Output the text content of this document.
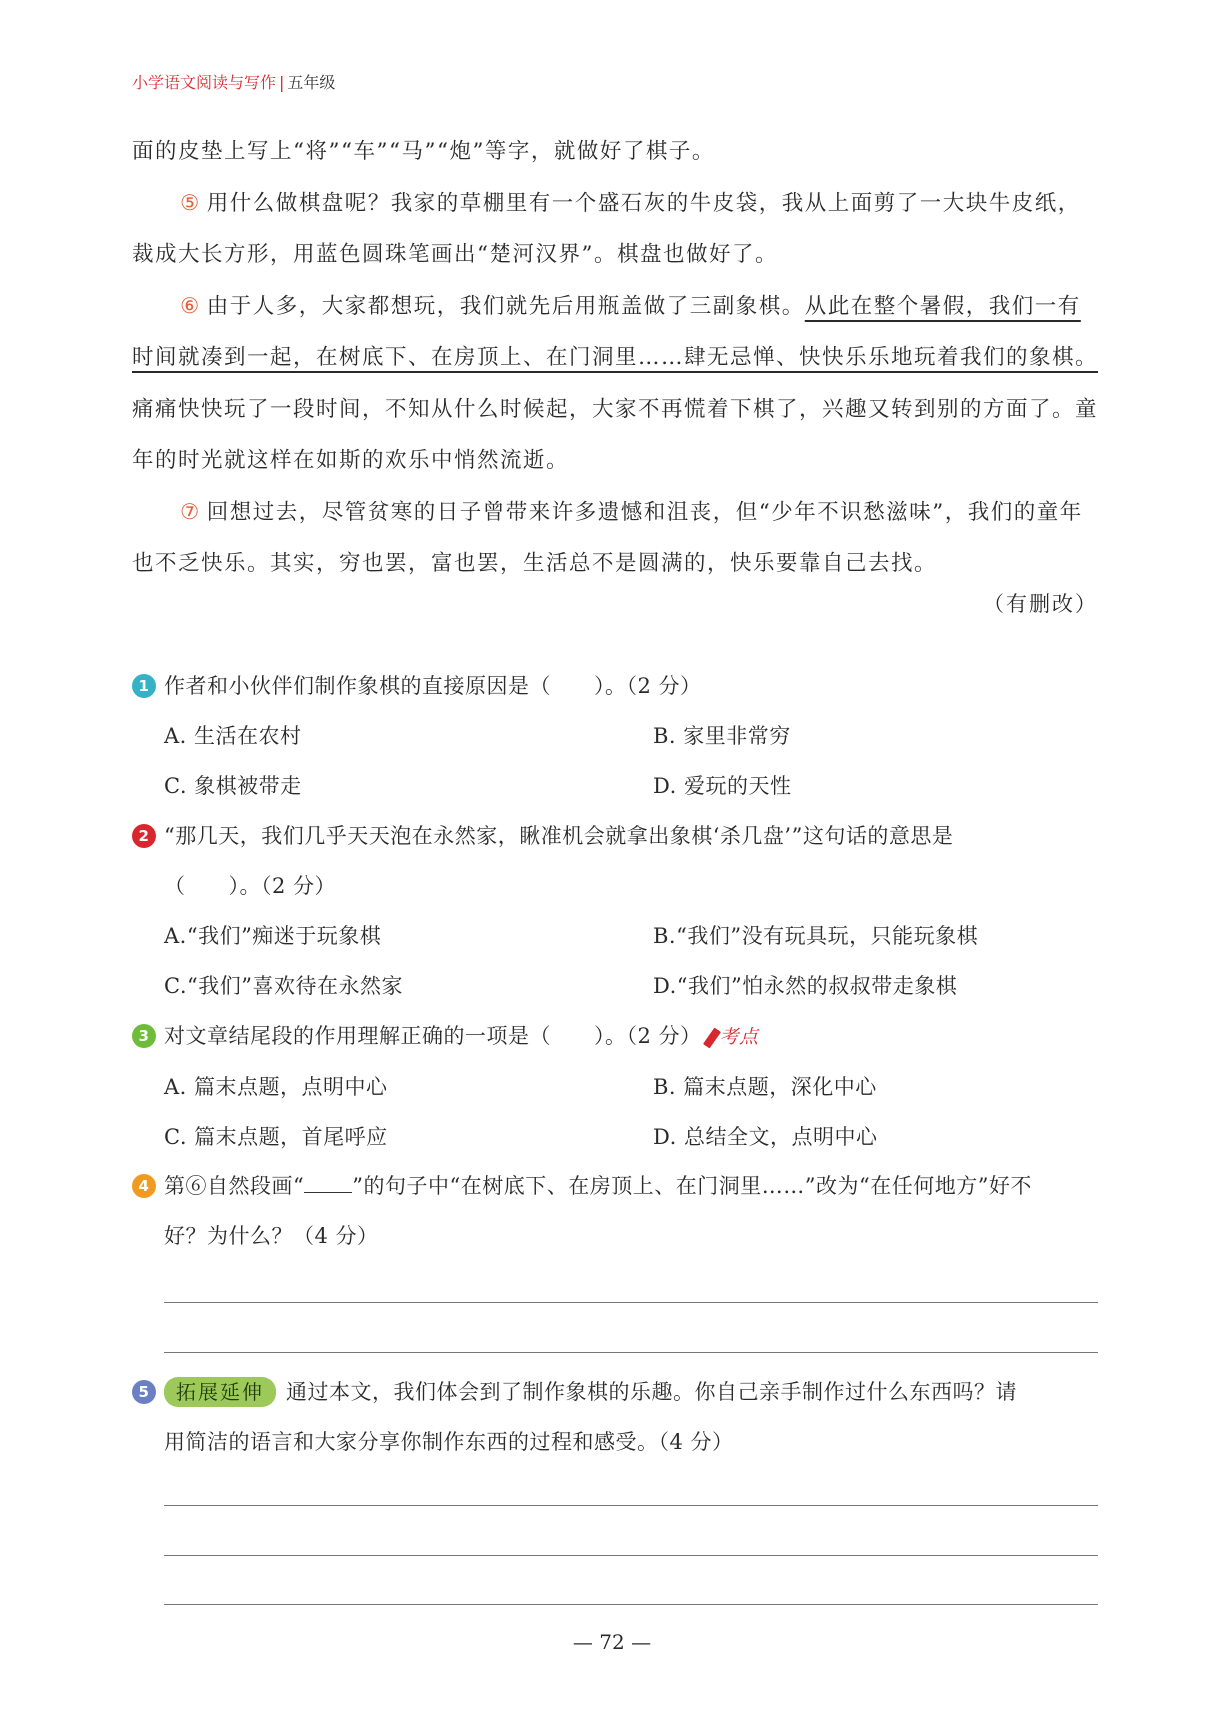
小学语文阅读与写作 | 五年级

面的皮垫上写上“将”“车”“马”“炮”等字，就做好了棋子。

⑤ 用什么做棋盘呢？我家的草棚里有一个盛石灰的牛皮袋，我从上面剪了一大块牛皮纸，裁成大长方形，用蓝色圆珠笔画出“楚河汉界”。棋盘也做好了。

⑥ 由于人多，大家都想玩，我们就先后用瓶盖做了三副象棋。从此在整个暑假，我们一有时间就凑到一起，在树底下、在房顶上、在门洞里……肆无忌惮、快快乐乐地玩着我们的象棋。痛痛快快玩了一段时间，不知从什么时候起，大家不再慌着下棋了，兴趣又转到别的方面了。童年的时光就这样在如斯的欢乐中悄然流逝。

⑦ 回想过去，尽管贫寒的日子曾带来许多遗憾和沮丧，但“少年不识愁滋味”，我们的童年也不乏快乐。其实，穷也罢，富也罢，生活总不是圆满的，快乐要靠自己去找。

（有删改）

1 作者和小伙伴们制作象棋的直接原因是（　　）。（2 分）

A. 生活在农村	B. 家里非常穷
C. 象棋被带走	D. 爱玩的天性

2 “那几天，我们几乎天天泡在永然家，瞅准机会就拿出象棋‘杀几盘’”这句话的意思是

（　　）。（2 分）

A.“我们”痴迷于玩象棋	B.“我们”没有玩具玩，只能玩象棋
C.“我们”喜欢待在永然家	D.“我们”怕永然的叔叔带走象棋

3 对文章结尾段的作用理解正确的一项是（　　）。（2 分） 考点

A. 篇末点题，点明中心	B. 篇末点题，深化中心
C. 篇末点题，首尾呼应	D. 总结全文，点明中心

4 第⑥自然段画“ ”的句子中“在树底下、在房顶上、在门洞里……”改为“在任何地方”好不

好？为什么？（4 分）

5	拓展延伸 通过本文，我们体会到了制作象棋的乐趣。你自己亲手制作过什么东西吗？请

用简洁的语言和大家分享你制作东西的过程和感受。（4 分）

— 72 —
